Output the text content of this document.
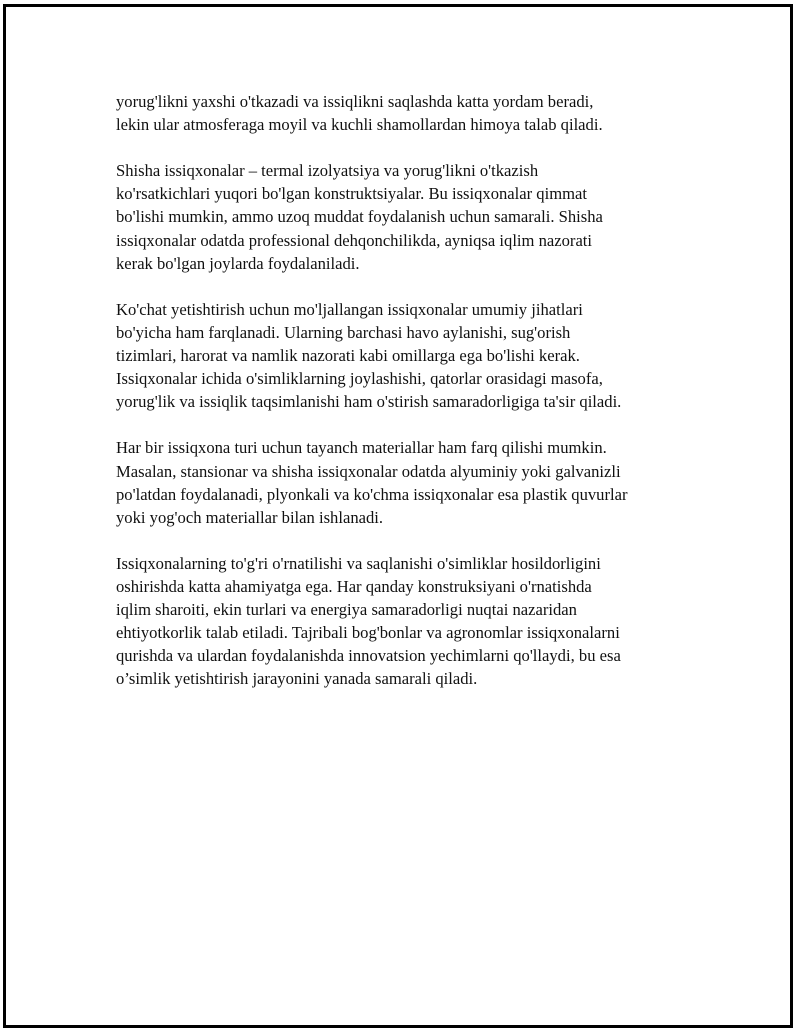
yorug'likni yaxshi o'tkazadi va issiqlikni saqlashda katta yordam beradi,
lekin ular atmosferaga moyil va kuchli shamollardan himoya talab qiladi.

Shisha issiqxonalar – termal izolyatsiya va yorug'likni o'tkazish
ko'rsatkichlari yuqori bo'lgan konstruktsiyalar. Bu issiqxonalar qimmat
bo'lishi mumkin, ammo uzoq muddat foydalanish uchun samarali. Shisha
issiqxonalar odatda professional dehqonchilikda, ayniqsa iqlim nazorati
kerak bo'lgan joylarda foydalaniladi.

Ko'chat yetishtirish uchun mo'ljallangan issiqxonalar umumiy jihatlari
bo'yicha ham farqlanadi. Ularning barchasi havo aylanishi, sug'orish
tizimlari, harorat va namlik nazorati kabi omillarga ega bo'lishi kerak.
Issiqxonalar ichida o'simliklarning joylashishi, qatorlar orasidagi masofa,
yorug'lik va issiqlik taqsimlanishi ham o'stirish samaradorligiga ta'sir qiladi.

Har bir issiqxona turi uchun tayanch materiallar ham farq qilishi mumkin.
Masalan, stansionar va shisha issiqxonalar odatda alyuminiy yoki galvanizli
po'latdan foydalanadi, plyonkali va ko'chma issiqxonalar esa plastik quvurlar
yoki yog'och materiallar bilan ishlanadi.

Issiqxonalarning to'g'ri o'rnatilishi va saqlanishi o'simliklar hosildorligini
oshirishda katta ahamiyatga ega. Har qanday konstruksiyani o'rnatishda
iqlim sharoiti, ekin turlari va energiya samaradorligi nuqtai nazaridan
ehtiyotkorlik talab etiladi. Tajribali bog'bonlar va agronomlar issiqxonalarni
qurishda va ulardan foydalanishda innovatsion yechimlarni qo'llaydi, bu esa
o’simlik yetishtirish jarayonini yanada samarali qiladi.
